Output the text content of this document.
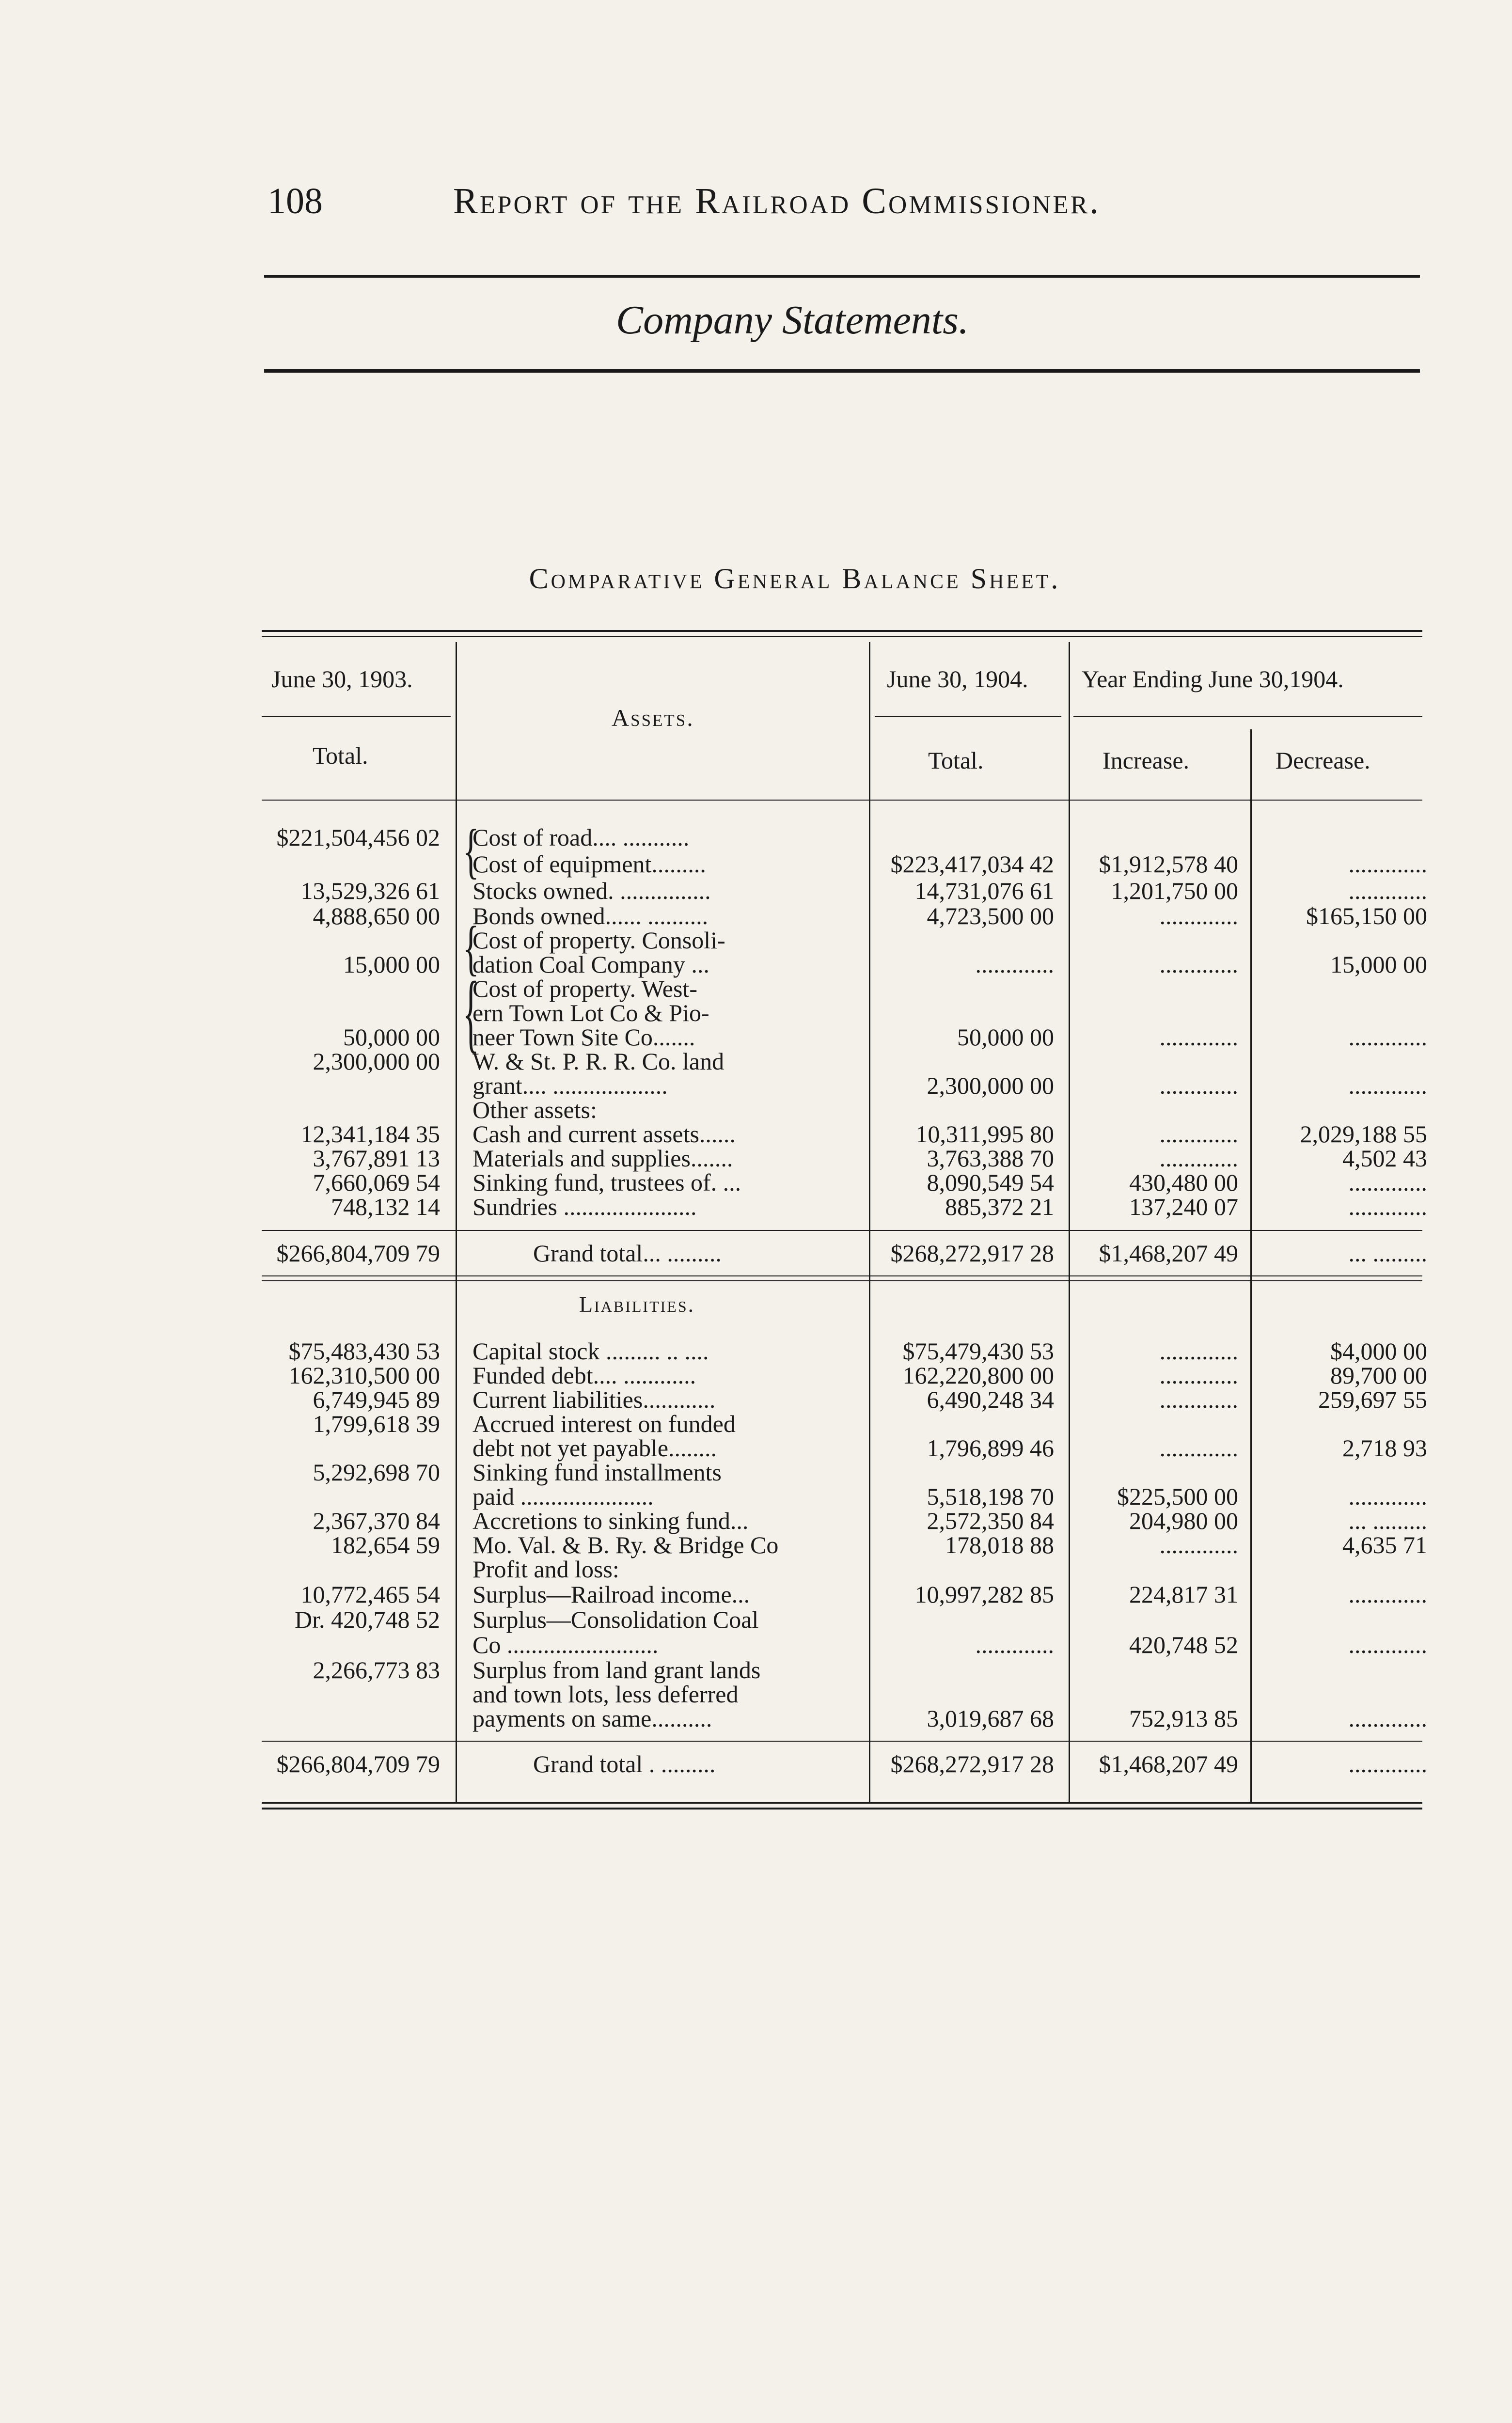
108	Report of the Railroad Commissioner.
Company Statements.
Comparative General Balance Sheet.
June 30, 1903.
Total.
Assets.
June 30, 1904.
Total.
Year Ending June 30,1904.
Increase.	Decrease.
{
{
{
$221,504,456 02 Cost of road.... ...........
Cost of equipment.........	$223,417,034 42	$1,912,578 40	.............
13,529,326 61 Stocks owned. ...............	14,731,076 61	1,201,750 00	.............
4,888,650 00 Bonds owned...... ..........	4,723,500 00	.............	$165,150 00
Cost of property. Consoli-
15,000 00 dation Coal Company ...	.............	.............	15,000 00
Cost of property. West-
ern Town Lot Co & Pio-
50,000 00 neer Town Site Co.......	50,000 00	.............	.............
2,300,000 00 W. & St. P. R. R. Co. land
grant.... ...................	2,300,000 00	.............	.............
Other assets:
12,341,184 35 Cash and current assets......	10,311,995 80	.............	2,029,188 55
3,767,891 13 Materials and supplies.......	3,763,388 70	.............	4,502 43
7,660,069 54 Sinking fund, trustees of. ...	8,090,549 54	430,480 00	.............
748,132 14 Sundries ......................	885,372 21	137,240 07	.............
$266,804,709 79	Grand total... .........	$268,272,917 28	$1,468,207 49	... .........
Liabilities.
$75,483,430 53 Capital stock ......... .. ....	$75,479,430 53	.............	$4,000 00
162,310,500 00 Funded debt.... ............	162,220,800 00	.............	89,700 00
6,749,945 89 Current liabilities............	6,490,248 34	.............	259,697 55
1,799,618 39 Accrued interest on funded
debt not yet payable........	1,796,899 46	.............	2,718 93
5,292,698 70 Sinking fund installments
paid ......................	5,518,198 70	$225,500 00	.............
2,367,370 84 Accretions to sinking fund...	2,572,350 84	204,980 00	... .........
182,654 59 Mo. Val. & B. Ry. & Bridge Co	178,018 88	.............	4,635 71
Profit and loss:
10,772,465 54 Surplus—Railroad income...	10,997,282 85	224,817 31	.............
Dr. 420,748 52 Surplus—Consolidation Coal
Co .........................	.............	420,748 52	.............
2,266,773 83 Surplus from land grant lands
and town lots, less deferred
payments on same..........	3,019,687 68	752,913 85	.............
$266,804,709 79	Grand total . .........	$268,272,917 28	$1,468,207 49	.............
